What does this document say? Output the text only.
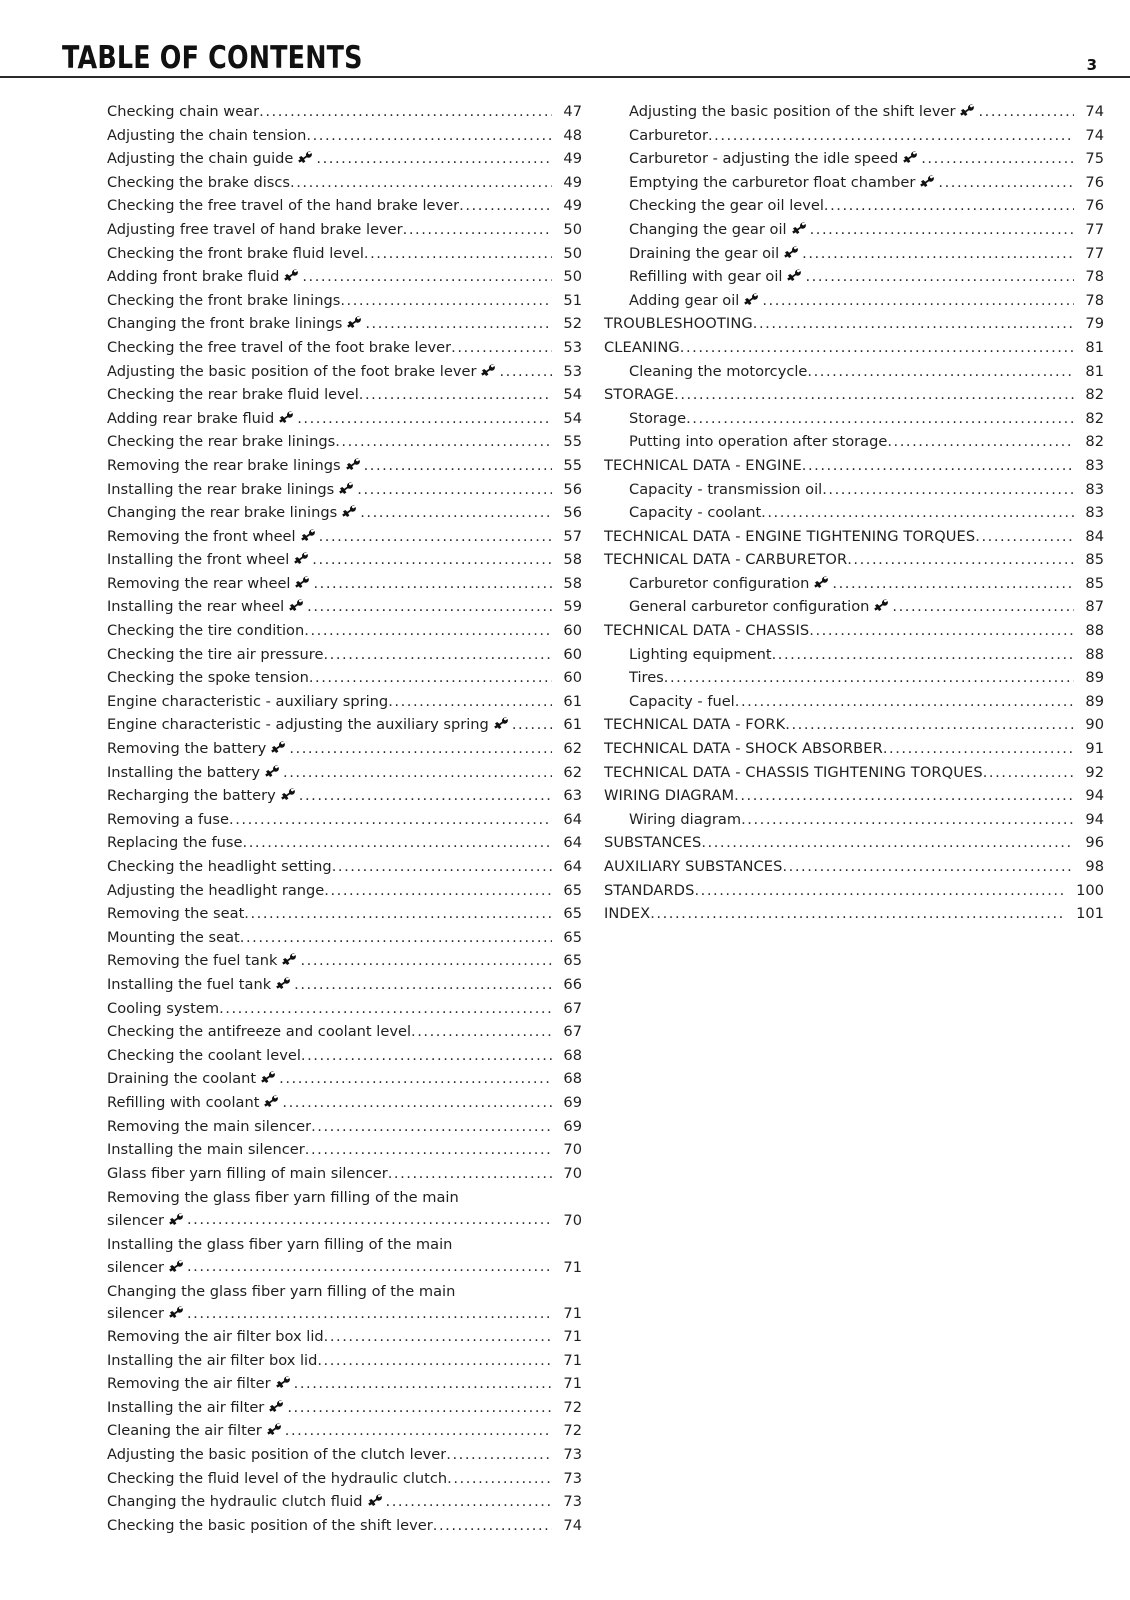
TABLE OF CONTENTS	3
Checking chain wear .....	47
Adjusting the chain tension .....	48
Adjusting the chain guide .....	49
Checking the brake discs .....	49
Checking the free travel of the hand brake lever .....	49
Adjusting free travel of hand brake lever .....	50
Checking the front brake fluid level .....	50
Adding front brake fluid .....	50
Checking the front brake linings .....	51
Changing the front brake linings .....	52
Checking the free travel of the foot brake lever .....	53
Adjusting the basic position of the foot brake lever .....	53
Checking the rear brake fluid level .....	54
Adding rear brake fluid .....	54
Checking the rear brake linings .....	55
Removing the rear brake linings .....	55
Installing the rear brake linings .....	56
Changing the rear brake linings .....	56
Removing the front wheel .....	57
Installing the front wheel .....	58
Removing the rear wheel .....	58
Installing the rear wheel .....	59
Checking the tire condition .....	60
Checking the tire air pressure .....	60
Checking the spoke tension .....	60
Engine characteristic - auxiliary spring .....	61
Engine characteristic - adjusting the auxiliary spring .....	61
Removing the battery .....	62
Installing the battery .....	62
Recharging the battery .....	63
Removing a fuse .....	64
Replacing the fuse .....	64
Checking the headlight setting .....	64
Adjusting the headlight range .....	65
Removing the seat .....	65
Mounting the seat .....	65
Removing the fuel tank .....	65
Installing the fuel tank .....	66
Cooling system .....	67
Checking the antifreeze and coolant level .....	67
Checking the coolant level .....	68
Draining the coolant .....	68
Refilling with coolant .....	69
Removing the main silencer .....	69
Installing the main silencer .....	70
Glass fiber yarn filling of main silencer .....	70
Removing the glass fiber yarn filling of the main
silencer .....	70
Installing the glass fiber yarn filling of the main
silencer .....	71
Changing the glass fiber yarn filling of the main
silencer .....	71
Removing the air filter box lid .....	71
Installing the air filter box lid .....	71
Removing the air filter .....	71
Installing the air filter .....	72
Cleaning the air filter .....	72
Adjusting the basic position of the clutch lever .....	73
Checking the fluid level of the hydraulic clutch .....	73
Changing the hydraulic clutch fluid .....	73
Checking the basic position of the shift lever .....	74
Adjusting the basic position of the shift lever .....	74
Carburetor .....	74
Carburetor - adjusting the idle speed .....	75
Emptying the carburetor float chamber .....	76
Checking the gear oil level .....	76
Changing the gear oil .....	77
Draining the gear oil .....	77
Refilling with gear oil .....	78
Adding gear oil .....	78
TROUBLESHOOTING .....	79
CLEANING .....	81
Cleaning the motorcycle .....	81
STORAGE .....	82
Storage .....	82
Putting into operation after storage .....	82
TECHNICAL DATA - ENGINE .....	83
Capacity - transmission oil .....	83
Capacity - coolant .....	83
TECHNICAL DATA - ENGINE TIGHTENING TORQUES .....	84
TECHNICAL DATA - CARBURETOR .....	85
Carburetor configuration .....	85
General carburetor configuration .....	87
TECHNICAL DATA - CHASSIS .....	88
Lighting equipment .....	88
Tires .....	89
Capacity - fuel .....	89
TECHNICAL DATA - FORK .....	90
TECHNICAL DATA - SHOCK ABSORBER .....	91
TECHNICAL DATA - CHASSIS TIGHTENING TORQUES .....	92
WIRING DIAGRAM .....	94
Wiring diagram .....	94
SUBSTANCES .....	96
AUXILIARY SUBSTANCES .....	98
STANDARDS .....	100
INDEX .....	101
